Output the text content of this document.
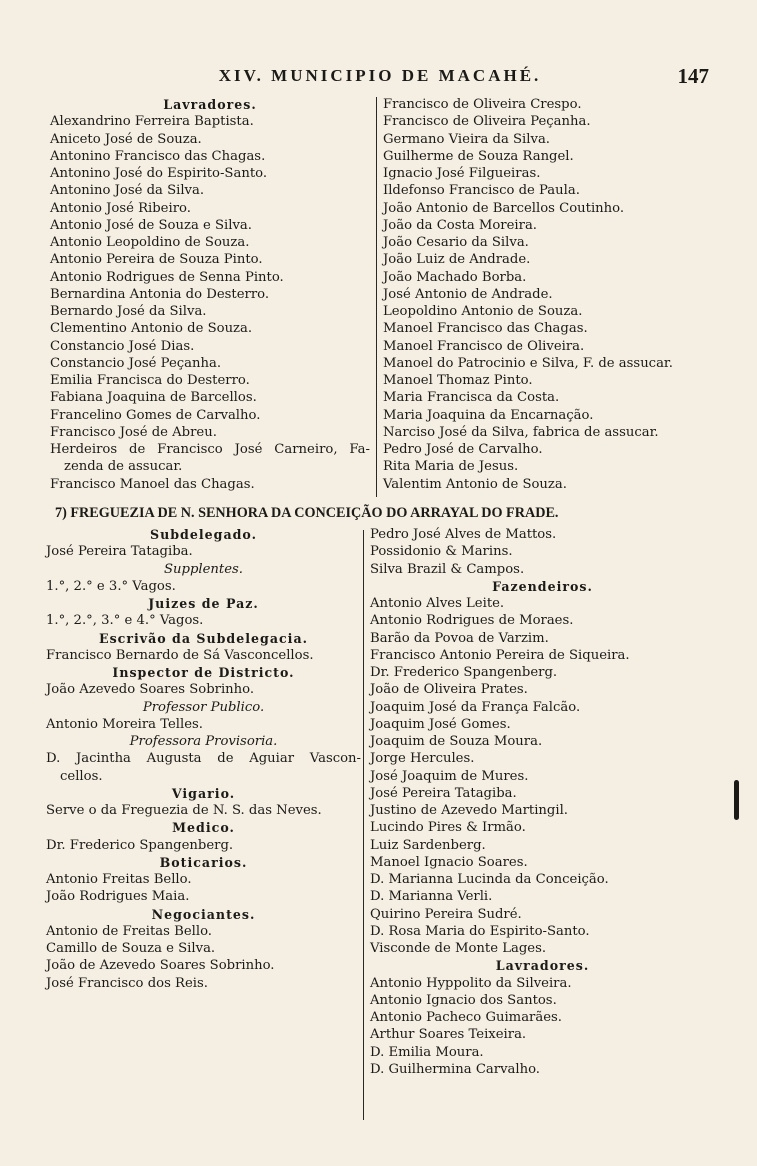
XIV. MUNICIPIO DE MACAHÉ.	147
Lavradores.
Alexandrino Ferreira Baptista.
Aniceto José de Souza.
Antonino Francisco das Chagas.
Antonino José do Espirito-Santo.
Antonino José da Silva.
Antonio José Ribeiro.
Antonio José de Souza e Silva.
Antonio Leopoldino de Souza.
Antonio Pereira de Souza Pinto.
Antonio Rodrigues de Senna Pinto.
Bernardina Antonia do Desterro.
Bernardo José da Silva.
Clementino Antonio de Souza.
Constancio José Dias.
Constancio José Peçanha.
Emilia Francisca do Desterro.
Fabiana Joaquina de Barcellos.
Francelino Gomes de Carvalho.
Francisco José de Abreu.
Herdeiros de Francisco José Carneiro, Fa-
zenda de assucar.
Francisco Manoel das Chagas.
Francisco de Oliveira Crespo.
Francisco de Oliveira Peçanha.
Germano Vieira da Silva.
Guilherme de Souza Rangel.
Ignacio José Filgueiras.
Ildefonso Francisco de Paula.
João Antonio de Barcellos Coutinho.
João da Costa Moreira.
João Cesario da Silva.
João Luiz de Andrade.
João Machado Borba.
José Antonio de Andrade.
Leopoldino Antonio de Souza.
Manoel Francisco das Chagas.
Manoel Francisco de Oliveira.
Manoel do Patrocinio e Silva, F. de assucar.
Manoel Thomaz Pinto.
Maria Francisca da Costa.
Maria Joaquina da Encarnação.
Narciso José da Silva, fabrica de assucar.
Pedro José de Carvalho.
Rita Maria de Jesus.
Valentim Antonio de Souza.
7) FREGUEZIA DE N. SENHORA DA CONCEIÇÃO DO ARRAYAL DO FRADE.
Subdelegado.
José Pereira Tatagiba.
Supplentes.
1.°, 2.° e 3.° Vagos.
Juizes de Paz.
1.°, 2.°, 3.° e 4.° Vagos.
Escrivão da Subdelegacia.
Francisco Bernardo de Sá Vasconcellos.
Inspector de Districto.
João Azevedo Soares Sobrinho.
Professor Publico.
Antonio Moreira Telles.
Professora Provisoria.
D. Jacintha Augusta de Aguiar Vascon-
cellos.
Vigario.
Serve o da Freguezia de N. S. das Neves.
Medico.
Dr. Frederico Spangenberg.
Boticarios.
Antonio Freitas Bello.
João Rodrigues Maia.
Negociantes.
Antonio de Freitas Bello.
Camillo de Souza e Silva.
João de Azevedo Soares Sobrinho.
José Francisco dos Reis.
Pedro José Alves de Mattos.
Possidonio & Marins.
Silva Brazil & Campos.
Fazendeiros.
Antonio Alves Leite.
Antonio Rodrigues de Moraes.
Barão da Povoa de Varzim.
Francisco Antonio Pereira de Siqueira.
Dr. Frederico Spangenberg.
João de Oliveira Prates.
Joaquim José da França Falcão.
Joaquim José Gomes.
Joaquim de Souza Moura.
Jorge Hercules.
José Joaquim de Mures.
José Pereira Tatagiba.
Justino de Azevedo Martingil.
Lucindo Pires & Irmão.
Luiz Sardenberg.
Manoel Ignacio Soares.
D. Marianna Lucinda da Conceição.
D. Marianna Verli.
Quirino Pereira Sudré.
D. Rosa Maria do Espirito-Santo.
Visconde de Monte Lages.
Lavradores.
Antonio Hyppolito da Silveira.
Antonio Ignacio dos Santos.
Antonio Pacheco Guimarães.
Arthur Soares Teixeira.
D. Emilia Moura.
D. Guilhermina Carvalho.
